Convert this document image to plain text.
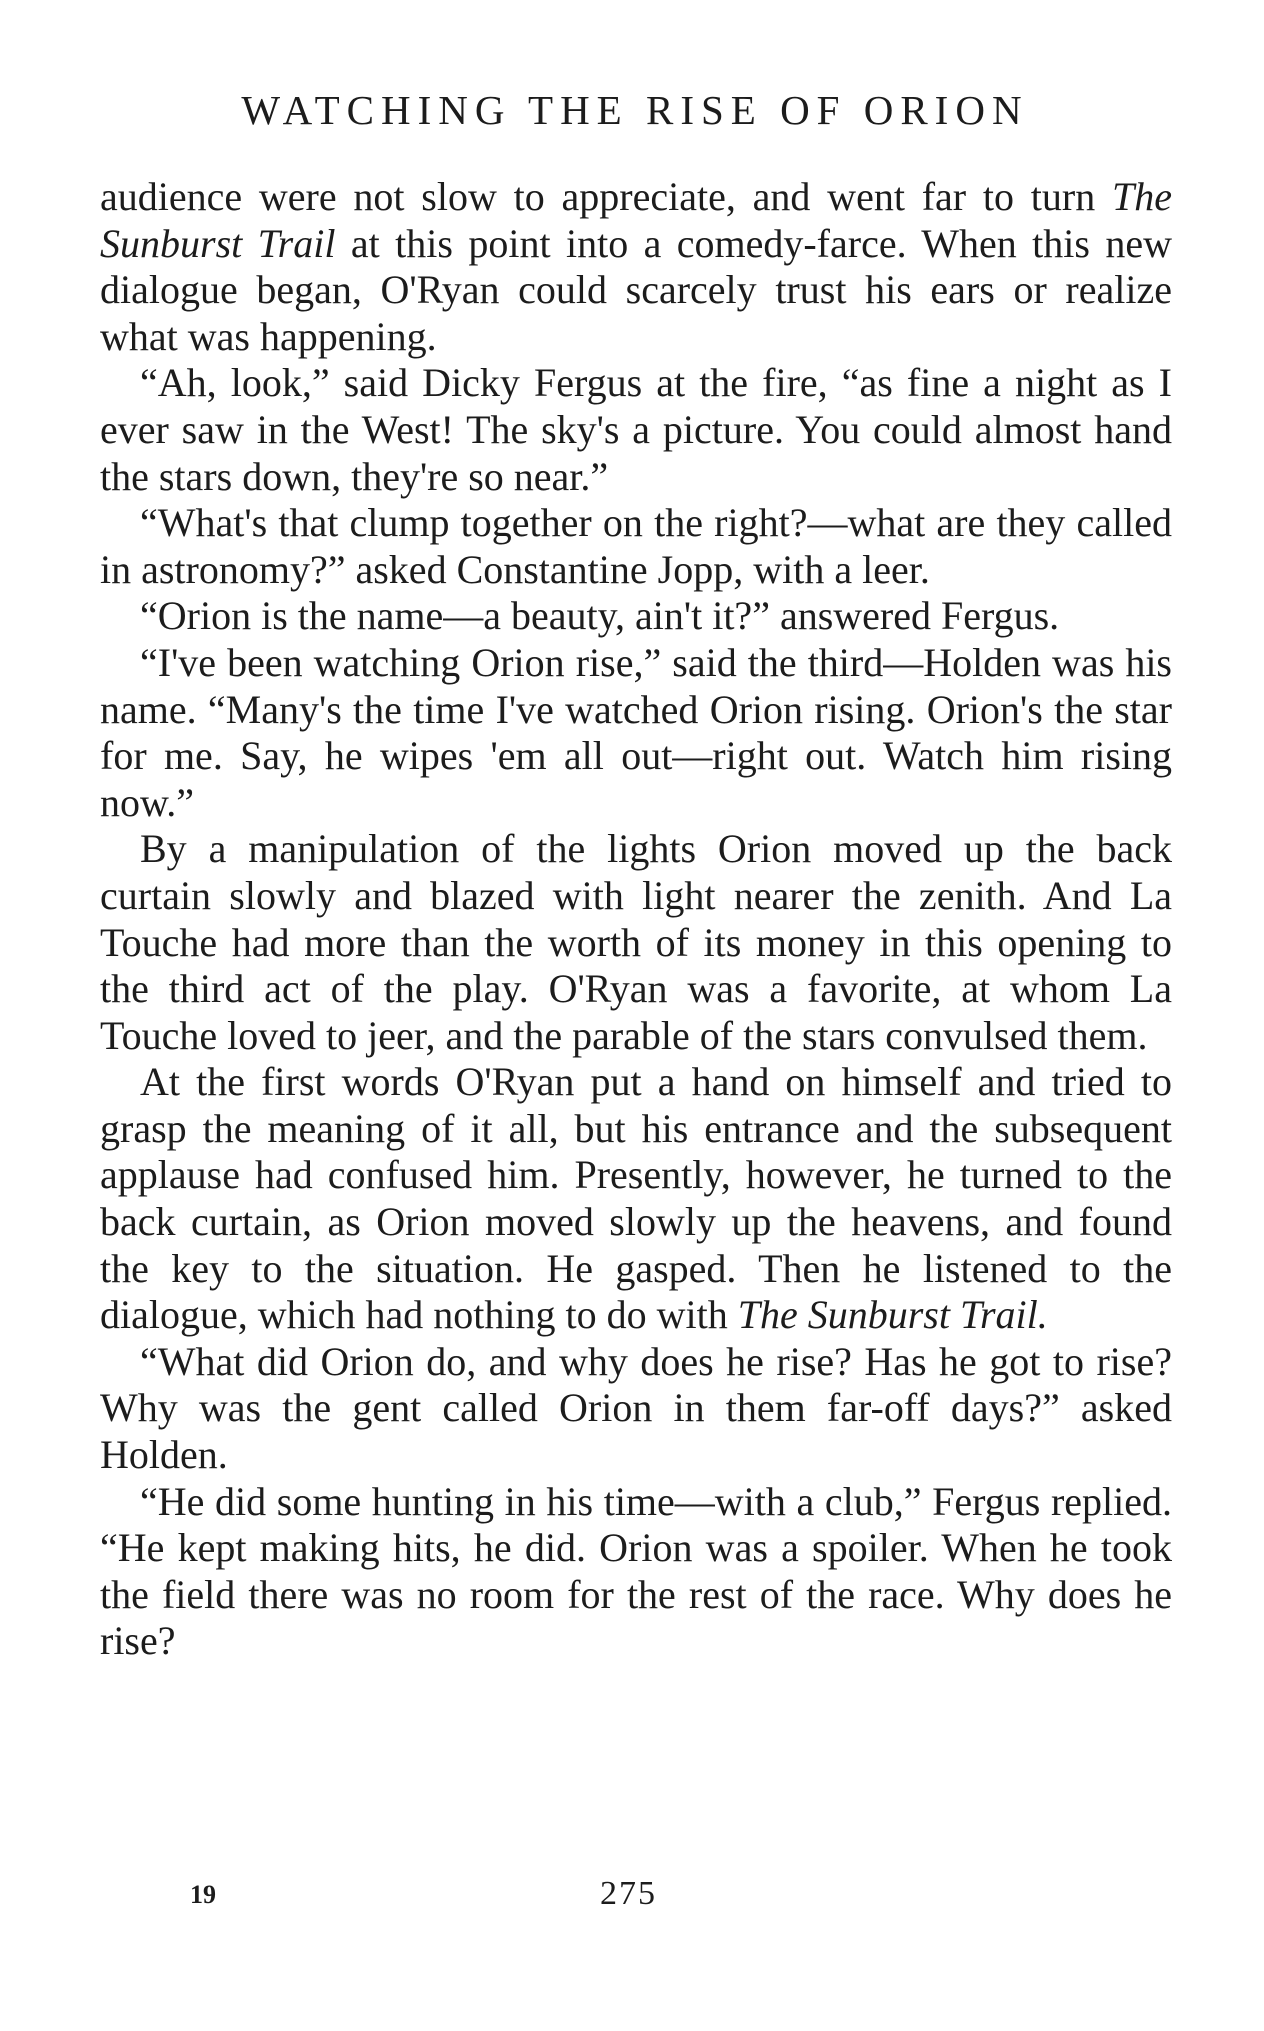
WATCHING THE RISE OF ORION

audience were not slow to appreciate, and went far to turn The Sunburst Trail at this point into a comedy-farce. When this new dialogue began, O'Ryan could scarcely trust his ears or realize what was happening.

“Ah, look,” said Dicky Fergus at the fire, “as fine a night as I ever saw in the West! The sky's a picture. You could almost hand the stars down, they're so near.”

“What's that clump together on the right?—what are they called in astronomy?” asked Constantine Jopp, with a leer.

“Orion is the name—a beauty, ain't it?” answered Fergus.

“I've been watching Orion rise,” said the third—Holden was his name. “Many's the time I've watched Orion rising. Orion's the star for me. Say, he wipes 'em all out—right out. Watch him rising now.”

By a manipulation of the lights Orion moved up the back curtain slowly and blazed with light nearer the zenith. And La Touche had more than the worth of its money in this opening to the third act of the play. O'Ryan was a favorite, at whom La Touche loved to jeer, and the parable of the stars convulsed them.

At the first words O'Ryan put a hand on himself and tried to grasp the meaning of it all, but his entrance and the subsequent applause had confused him. Presently, however, he turned to the back curtain, as Orion moved slowly up the heavens, and found the key to the situation. He gasped. Then he listened to the dialogue, which had nothing to do with The Sunburst Trail.

“What did Orion do, and why does he rise? Has he got to rise? Why was the gent called Orion in them far-off days?” asked Holden.

“He did some hunting in his time—with a club,” Fergus replied. “He kept making hits, he did. Orion was a spoiler. When he took the field there was no room for the rest of the race. Why does he rise?

19	275
